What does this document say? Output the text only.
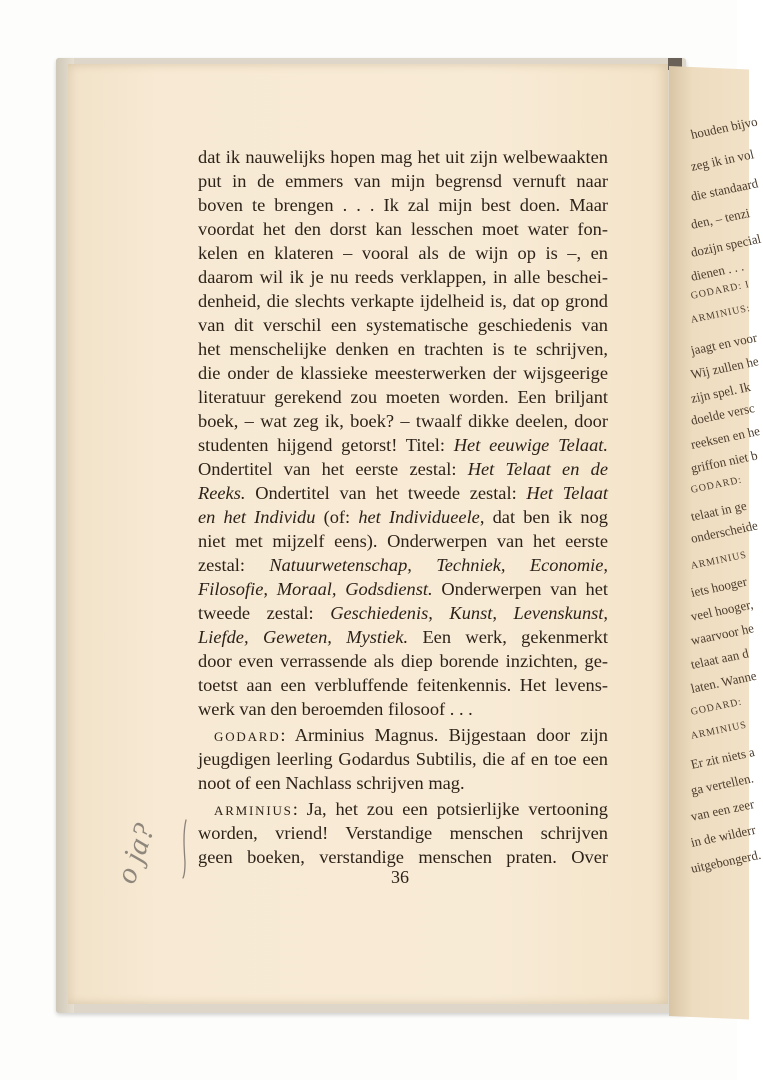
houden bijvo
zeg ik in vol
die standaard
den, – tenzi
dozijn special
dienen . . .
GODARD: I
ARMINIUS:
jaagt en voor
Wij zullen he
zijn spel. Ik
doelde versc
reeksen en he
griffon niet b
GODARD:
telaat in ge
onderscheide
ARMINIUS
iets hooger
veel hooger,
waarvoor he
telaat aan d
laten. Wanne
GODARD:
ARMINIUS
Er zit niets a
ga vertellen.
van een zeer
in de wilderr
uitgebongerd.
dat ik nauwelijks hopen mag het uit zijn welbewaakten
put in de emmers van mijn begrensd vernuft naar
boven te brengen . . . Ik zal mijn best doen. Maar
voordat het den dorst kan lesschen moet water fon-
kelen en klateren – vooral als de wijn op is –, en
daarom wil ik je nu reeds verklappen, in alle beschei-
denheid, die slechts verkapte ijdelheid is, dat op grond
van dit verschil een systematische geschiedenis van
het menschelijke denken en trachten is te schrijven,
die onder de klassieke meesterwerken der wijsgeerige
literatuur gerekend zou moeten worden. Een briljant
boek, – wat zeg ik, boek? – twaalf dikke deelen, door
studenten hijgend getorst! Titel: Het eeuwige Telaat.
Ondertitel van het eerste zestal: Het Telaat en de
Reeks. Ondertitel van het tweede zestal: Het Telaat
en het Individu (of: het Individueele, dat ben ik nog
niet met mijzelf eens). Onderwerpen van het eerste
zestal: Natuurwetenschap, Techniek, Economie,
Filosofie, Moraal, Godsdienst. Onderwerpen van het
tweede zestal: Geschiedenis, Kunst, Levenskunst,
Liefde, Geweten, Mystiek. Een werk, gekenmerkt
door even verrassende als diep borende inzichten, ge-
toetst aan een verbluffende feitenkennis. Het levens-
werk van den beroemden filosoof . . .
GODARD: Arminius Magnus. Bijgestaan door zijn
jeugdigen leerling Godardus Subtilis, die af en toe een
noot of een Nachlass schrijven mag.
ARMINIUS: Ja, het zou een potsierlijke vertooning
worden, vriend! Verstandige menschen schrijven
geen boeken, verstandige menschen praten. Over
36
o ja?
